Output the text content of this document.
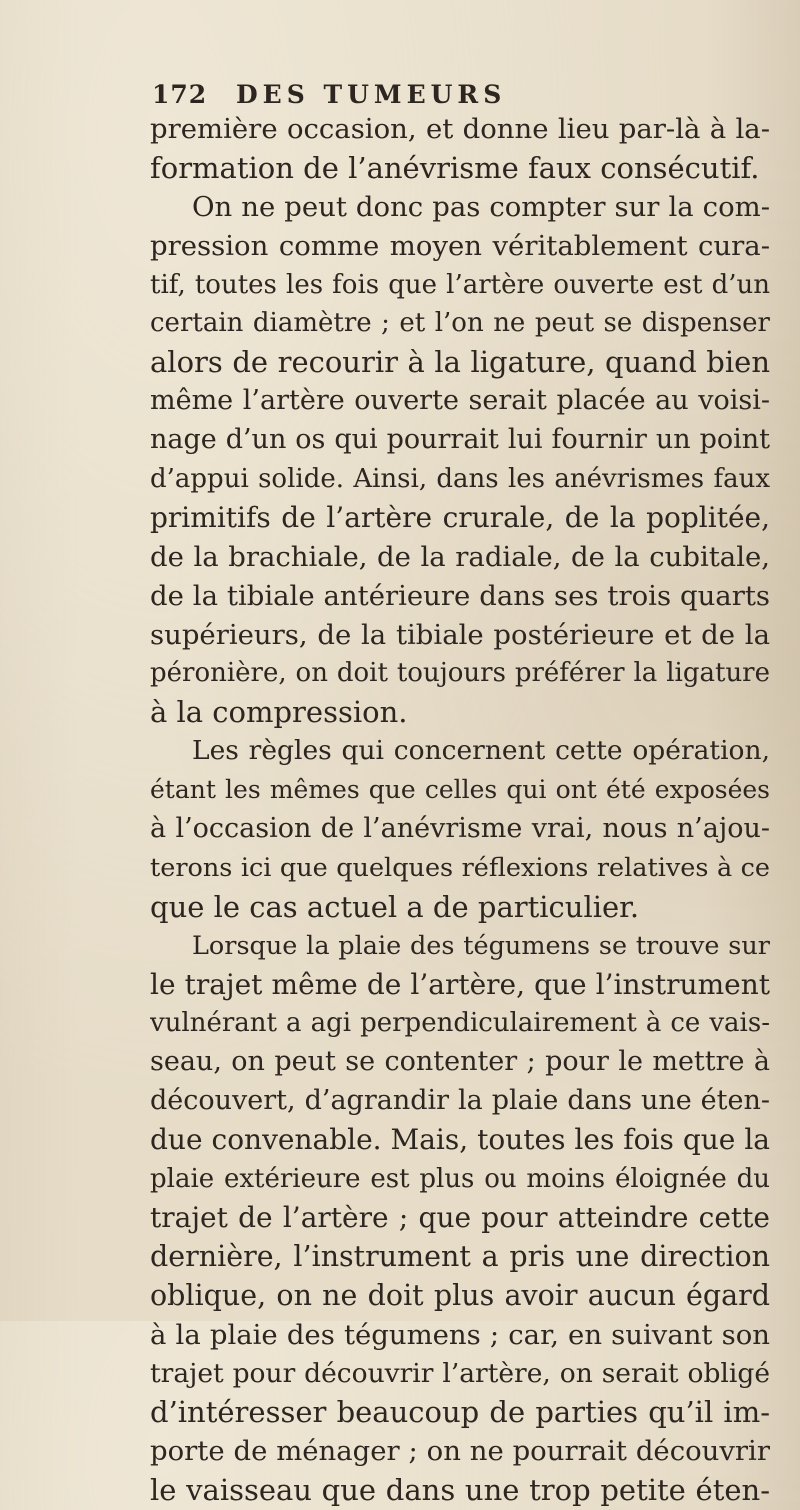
172 DES TUMEURS
première occasion, et donne lieu par-là à la-
formation de l’anévrisme faux consécutif.
On ne peut donc pas compter sur la com-
pression comme moyen véritablement cura-
tif, toutes les fois que l’artère ouverte est d’un
certain diamètre ; et l’on ne peut se dispenser
alors de recourir à la ligature, quand bien
même l’artère ouverte serait placée au voisi-
nage d’un os qui pourrait lui fournir un point
d’appui solide. Ainsi, dans les anévrismes faux
primitifs de l’artère crurale, de la poplitée,
de la brachiale, de la radiale, de la cubitale,
de la tibiale antérieure dans ses trois quarts
supérieurs, de la tibiale postérieure et de la
péronière, on doit toujours préférer la ligature
à la compression.
Les règles qui concernent cette opération,
étant les mêmes que celles qui ont été exposées
à l’occasion de l’anévrisme vrai, nous n’ajou-
terons ici que quelques réflexions relatives à ce
que le cas actuel a de particulier.
Lorsque la plaie des tégumens se trouve sur
le trajet même de l’artère, que l’instrument
vulnérant a agi perpendiculairement à ce vais-
seau, on peut se contenter ; pour le mettre à
découvert, d’agrandir la plaie dans une éten-
due convenable. Mais, toutes les fois que la
plaie extérieure est plus ou moins éloignée du
trajet de l’artère ; que pour atteindre cette
dernière, l’instrument a pris une direction
oblique, on ne doit plus avoir aucun égard
à la plaie des tégumens ; car, en suivant son
trajet pour découvrir l’artère, on serait obligé
d’intéresser beaucoup de parties qu’il im-
porte de ménager ; on ne pourrait découvrir
le vaisseau que dans une trop petite éten-
